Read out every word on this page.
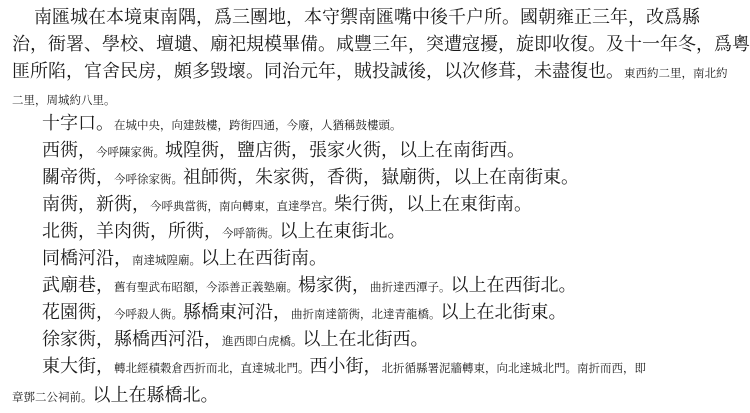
南匯城在本境東南隅，爲三團地，本守禦南匯嘴中後千户所。國朝雍正三年，改爲縣
治，衙署、學校、壇壝、廟祀規模畢備。咸豐三年，突遭寇擾，旋即收復。及十一年冬，爲粵
匪所陷，官舍民房，頗多毀壞。同治元年，賊投誠後，以次修葺，未盡復也。東西約二里，南北約
二里，周城約八里。
十字口。在城中央，向建鼓樓，跨街四通，今廢，人猶稱鼓樓頭。
西衖，今呼陳家衖。城隍衖，鹽店衖，張家火衖，以上在南街西。
關帝衖，今呼徐家衖。祖師衖，朱家衖，香衖，嶽廟衖，以上在南街東。
南衖，新衖，今呼典當衖，南向轉東，直達學宫。柴行衖，以上在東街南。
北衖，羊肉衖，所衖，今呼箭衖。以上在東街北。
同橋河沿，南達城隍廟。以上在西街南。
武廟巷，舊有聖武布昭額，今添善正義塾廟。楊家衖，曲折達西潭子。以上在西街北。
花園衖，今呼殺人衖。縣橋東河沿，曲折南達箭衖，北達青龍橋。以上在北街東。
徐家衖，縣橋西河沿，進西即白虎橋。以上在北街西。
東大街，轉北經積穀倉西折而北，直達城北門。西小街，北折循縣署泥牆轉東，向北達城北門。南折而西，即
章鄧二公祠前。以上在縣橋北。
